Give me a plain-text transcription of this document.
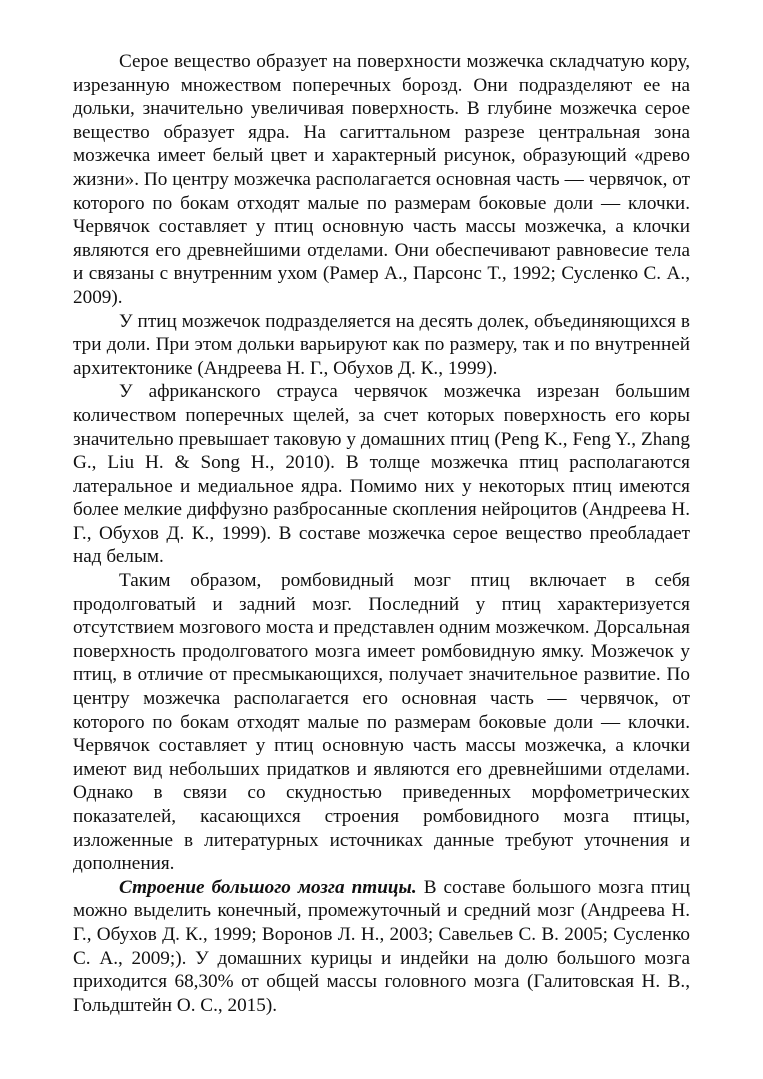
Серое вещество образует на поверхности мозжечка складчатую кору, изрезанную множеством поперечных борозд. Они подразделяют ее на дольки, значительно увеличивая поверхность. В глубине мозжечка серое вещество образует ядра. На сагиттальном разрезе центральная зона мозжечка имеет белый цвет и характерный рисунок, образующий «древо жизни». По центру мозжечка располагается основная часть — червячок, от которого по бокам отходят малые по размерам боковые доли — клочки. Червячок составляет у птиц основную часть массы мозжечка, а клочки являются его древнейшими отделами. Они обеспечивают равновесие тела и связаны с внутренним ухом (Рамер А., Парсонс Т., 1992; Сусленко С. А., 2009).

У птиц мозжечок подразделяется на десять долек, объединяющихся в три доли. При этом дольки варьируют как по размеру, так и по внутренней архитектонике (Андреева Н. Г., Обухов Д. К., 1999).

У африканского страуса червячок мозжечка изрезан большим количеством поперечных щелей, за счет которых поверхность его коры значительно превышает таковую у домашних птиц (Peng K., Feng Y., Zhang G., Liu H. & Song H., 2010). В толще мозжечка птиц располагаются латеральное и медиальное ядра. Помимо них у некоторых птиц имеются более мелкие диффузно разбросанные скопления нейроцитов (Андреева Н. Г., Обухов Д. К., 1999). В составе мозжечка серое вещество преобладает над белым.

Таким образом, ромбовидный мозг птиц включает в себя продолговатый и задний мозг. Последний у птиц характеризуется отсутствием мозгового моста и представлен одним мозжечком. Дорсальная поверхность продолговатого мозга имеет ромбовидную ямку. Мозжечок у птиц, в отличие от пресмыкающихся, получает значительное развитие. По центру мозжечка располагается его основная часть — червячок, от которого по бокам отходят малые по размерам боковые доли — клочки. Червячок составляет у птиц основную часть массы мозжечка, а клочки имеют вид небольших придатков и являются его древнейшими отделами. Однако в связи со скудностью приведенных морфометрических показателей, касающихся строения ромбовидного мозга птицы, изложенные в литературных источниках данные требуют уточнения и дополнения.

Строение большого мозга птицы. В составе большого мозга птиц можно выделить конечный, промежуточный и средний мозг (Андреева Н. Г., Обухов Д. К., 1999; Воронов Л. Н., 2003; Савельев С. В. 2005; Сусленко С. А., 2009;). У домашних курицы и индейки на долю большого мозга приходится 68,30% от общей массы головного мозга (Галитовская Н. В., Гольдштейн О. С., 2015).
